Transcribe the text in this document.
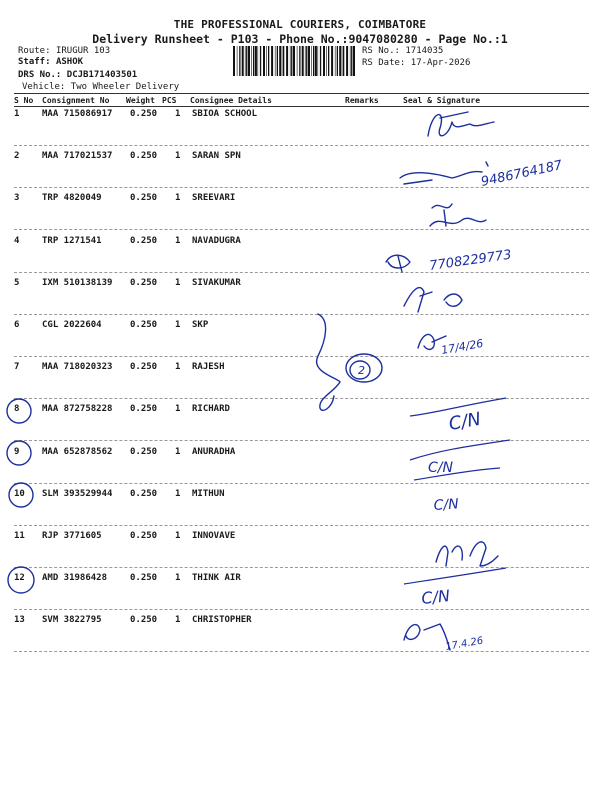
THE PROFESSIONAL COURIERS, COIMBATORE
Delivery Runsheet - P103 - Phone No.:9047080280 - Page No.:1
Route: IRUGUR 103
Staff: ASHOK
DRS No.: DCJB171403501
Vehicle: Two Wheeler Delivery
RS No.: 1714035
RS Date: 17-Apr-2026
S No Consignment No Weight PCS Consignee Details	Remarks	Seal & Signature
1	MAA 715086917 0.250 1 SBIOA SCHOOL
2	MAA 717021537 0.250 1 SARAN SPN
3	TRP 4820049	0.250 1 SREEVARI
4	TRP 1271541	0.250 1 NAVADUGRA
5	IXM 510138139 0.250 1 SIVAKUMAR
6	CGL 2022604	0.250 1 SKP
7	MAA 718020323 0.250 1 RAJESH
8	MAA 872758228 0.250 1 RICHARD
9	MAA 652878562 0.250 1 ANURADHA
10 SLM 393529944 0.250 1 MITHUN
11 RJP 3771605	0.250 1 INNOVAVE
12 AMD 31986428	0.250 1 THINK AIR
13 SVM 3822795	0.250 1 CHRISTOPHER
9486764187
7708229773
17/4/26
2
C/N
C/N
C/N
C/N
17.4.26
